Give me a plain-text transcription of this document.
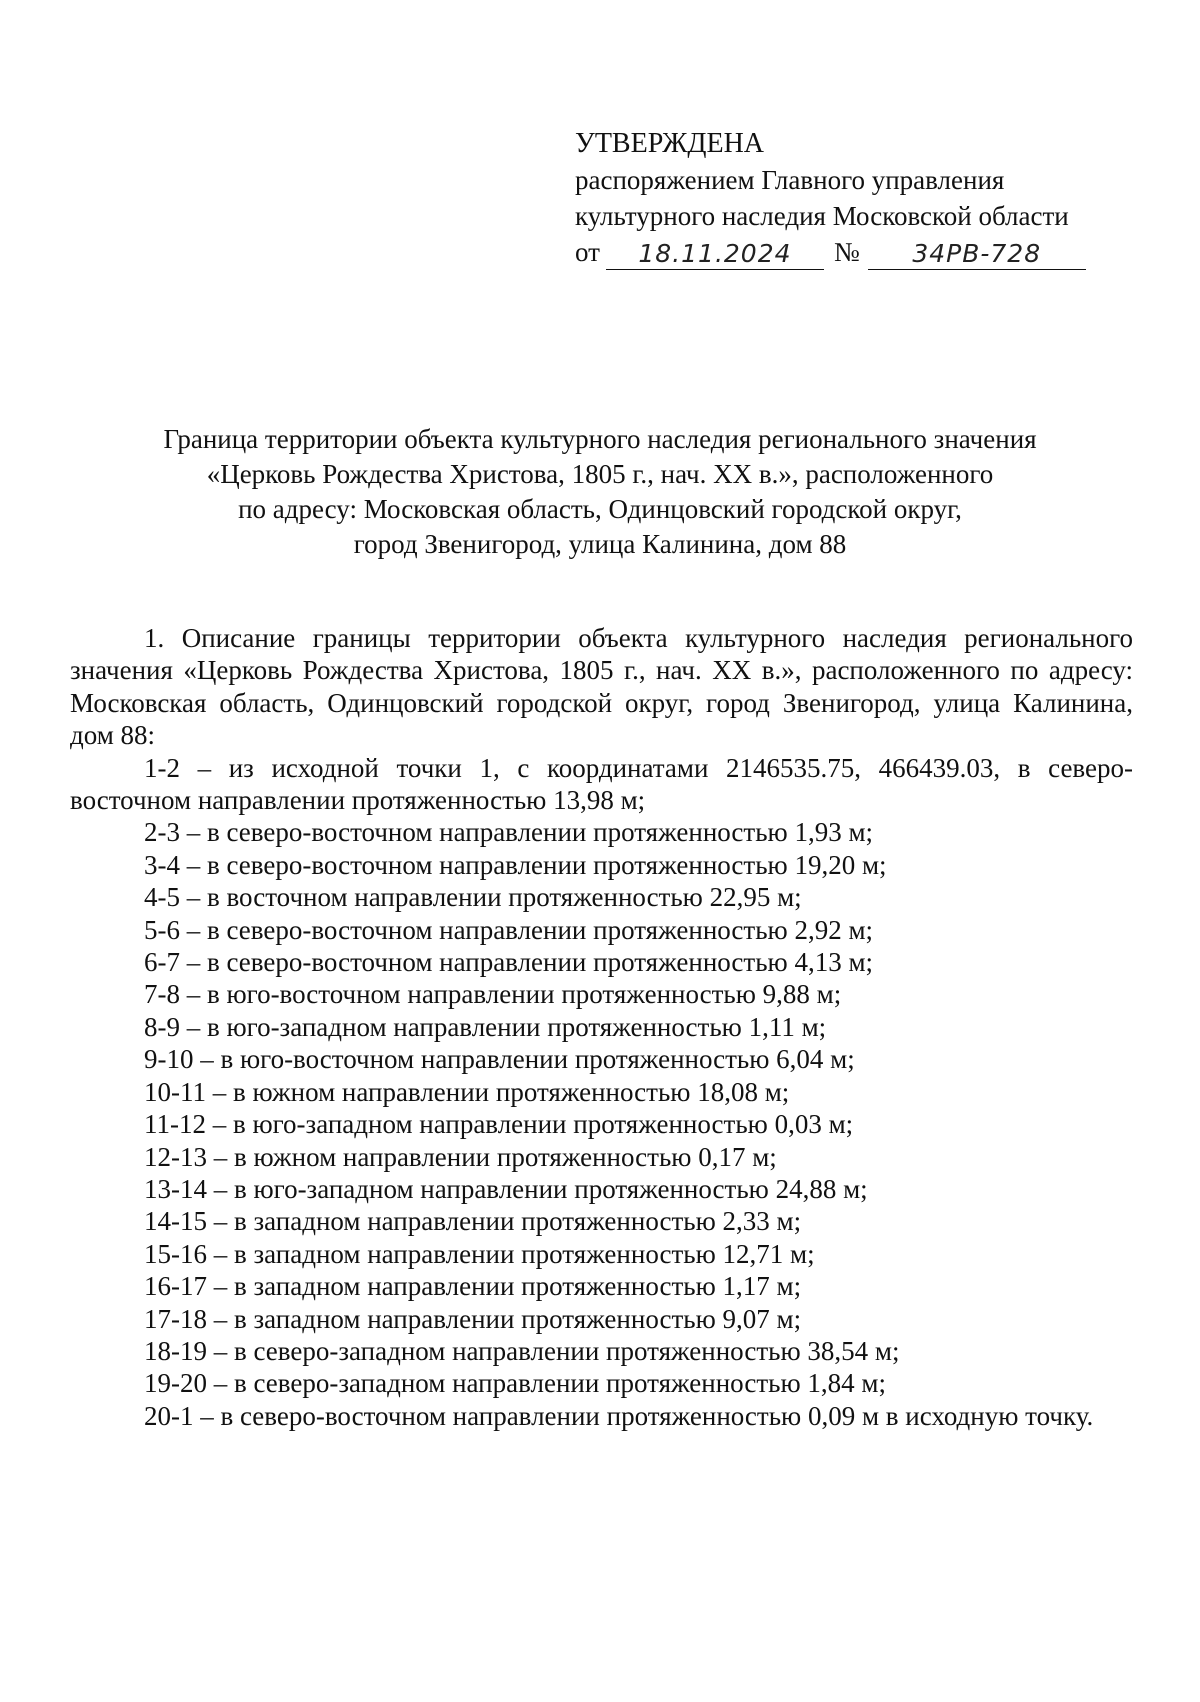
УТВЕРЖДЕНА
распоряжением Главного управления
культурного наследия Московской области
от	18.11.2024	№	34РВ-728
Граница территории объекта культурного наследия регионального значения
«Церковь Рождества Христова, 1805 г., нач. XX в.», расположенного
по адресу: Московская область, Одинцовский городской округ,
город Звенигород, улица Калинина, дом 88

1. Описание границы территории объекта культурного наследия регионального значения «Церковь Рождества Христова, 1805 г., нач. XX в.», расположенного по адресу: Московская область, Одинцовский городской округ, город Звенигород, улица Калинина, дом 88:

1-2 – из исходной точки 1, с координатами 2146535.75, 466439.03, в северо-восточном направлении протяженностью 13,98 м;

2-3 – в северо-восточном направлении протяженностью 1,93 м;

3-4 – в северо-восточном направлении протяженностью 19,20 м;

4-5 – в восточном направлении протяженностью 22,95 м;

5-6 – в северо-восточном направлении протяженностью 2,92 м;

6-7 – в северо-восточном направлении протяженностью 4,13 м;

7-8 – в юго-восточном направлении протяженностью 9,88 м;

8-9 – в юго-западном направлении протяженностью 1,11 м;

9-10 – в юго-восточном направлении протяженностью 6,04 м;

10-11 – в южном направлении протяженностью 18,08 м;

11-12 – в юго-западном направлении протяженностью 0,03 м;

12-13 – в южном направлении протяженностью 0,17 м;

13-14 – в юго-западном направлении протяженностью 24,88 м;

14-15 – в западном направлении протяженностью 2,33 м;

15-16 – в западном направлении протяженностью 12,71 м;

16-17 – в западном направлении протяженностью 1,17 м;

17-18 – в западном направлении протяженностью 9,07 м;

18-19 – в северо-западном направлении протяженностью 38,54 м;

19-20 – в северо-западном направлении протяженностью 1,84 м;

20-1 – в северо-восточном направлении протяженностью 0,09 м в исходную точку.
